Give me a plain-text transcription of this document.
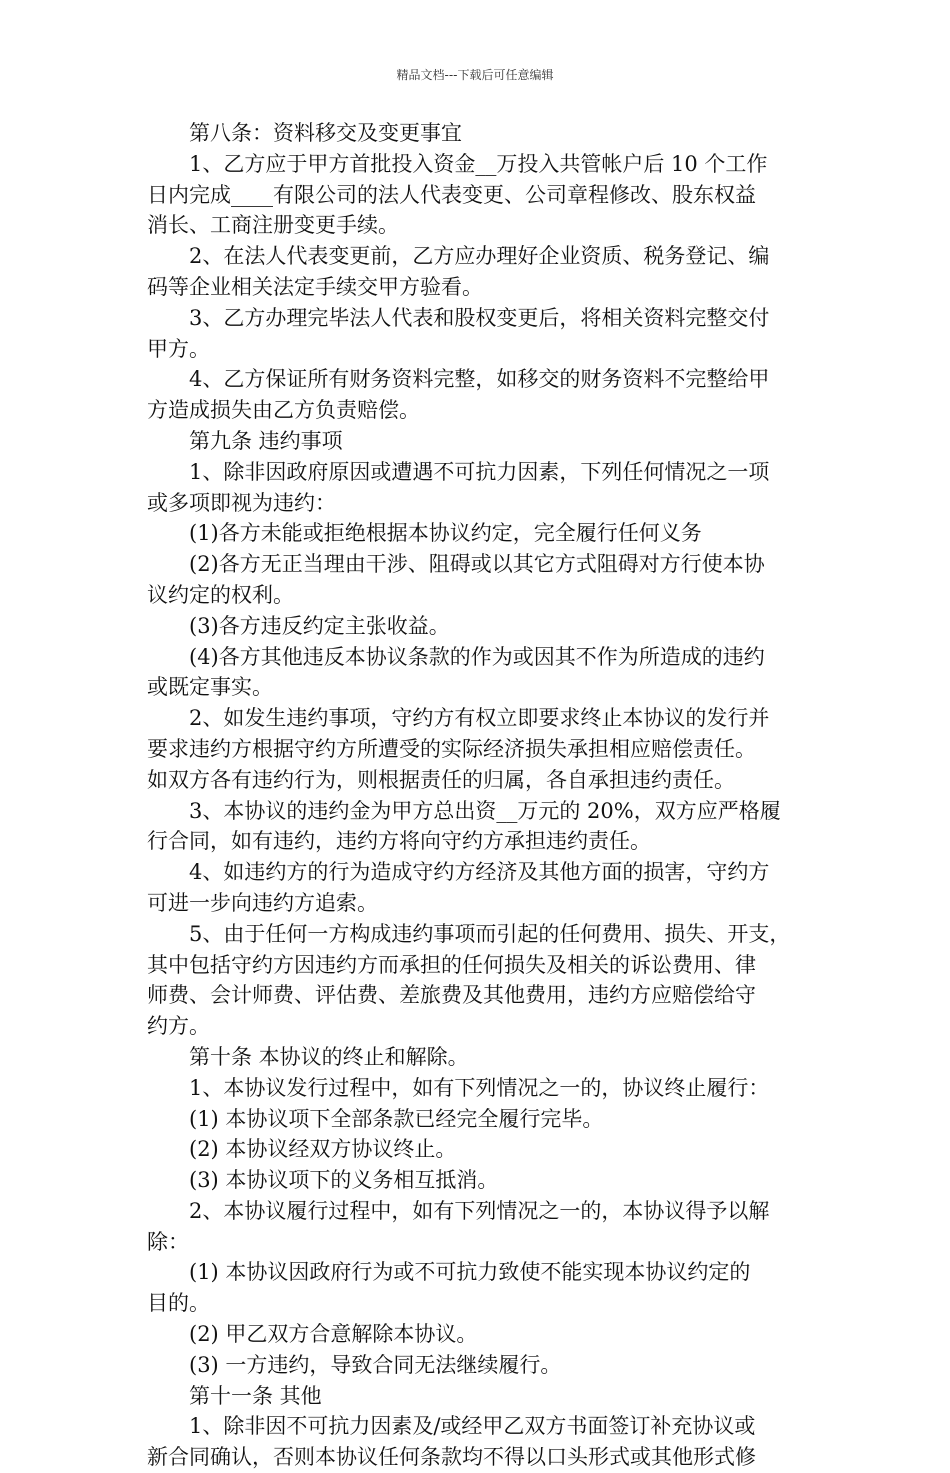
精品文档---下载后可任意编辑
第八条：资料移交及变更事宜
1、乙方应于甲方首批投入资金__万投入共管帐户后 10 个工作
日内完成____有限公司的法人代表变更、公司章程修改、股东权益
消长、工商注册变更手续。
2、在法人代表变更前，乙方应办理好企业资质、税务登记、编
码等企业相关法定手续交甲方验看。
3、乙方办理完毕法人代表和股权变更后，将相关资料完整交付
甲方。
4、乙方保证所有财务资料完整，如移交的财务资料不完整给甲
方造成损失由乙方负责赔偿。
第九条 违约事项
1、除非因政府原因或遭遇不可抗力因素，下列任何情况之一项
或多项即视为违约：
(1)各方未能或拒绝根据本协议约定，完全履行任何义务
(2)各方无正当理由干涉、阻碍或以其它方式阻碍对方行使本协
议约定的权利。
(3)各方违反约定主张收益。
(4)各方其他违反本协议条款的作为或因其不作为所造成的违约
或既定事实。
2、如发生违约事项，守约方有权立即要求终止本协议的发行并
要求违约方根据守约方所遭受的实际经济损失承担相应赔偿责任。
如双方各有违约行为，则根据责任的归属，各自承担违约责任。
3、本协议的违约金为甲方总出资__万元的 20%，双方应严格履
行合同，如有违约，违约方将向守约方承担违约责任。
4、如违约方的行为造成守约方经济及其他方面的损害，守约方
可进一步向违约方追索。
5、由于任何一方构成违约事项而引起的任何费用、损失、开支，
其中包括守约方因违约方而承担的任何损失及相关的诉讼费用、律
师费、会计师费、评估费、差旅费及其他费用，违约方应赔偿给守
约方。
第十条 本协议的终止和解除。
1、本协议发行过程中，如有下列情况之一的，协议终止履行：
(1) 本协议项下全部条款已经完全履行完毕。
(2) 本协议经双方协议终止。
(3) 本协议项下的义务相互抵消。
2、本协议履行过程中，如有下列情况之一的，本协议得予以解
除：
(1) 本协议因政府行为或不可抗力致使不能实现本协议约定的
目的。
(2) 甲乙双方合意解除本协议。
(3) 一方违约，导致合同无法继续履行。
第十一条 其他
1、除非因不可抗力因素及/或经甲乙双方书面签订补充协议或
新合同确认，否则本协议任何条款均不得以口头形式或其他形式修
